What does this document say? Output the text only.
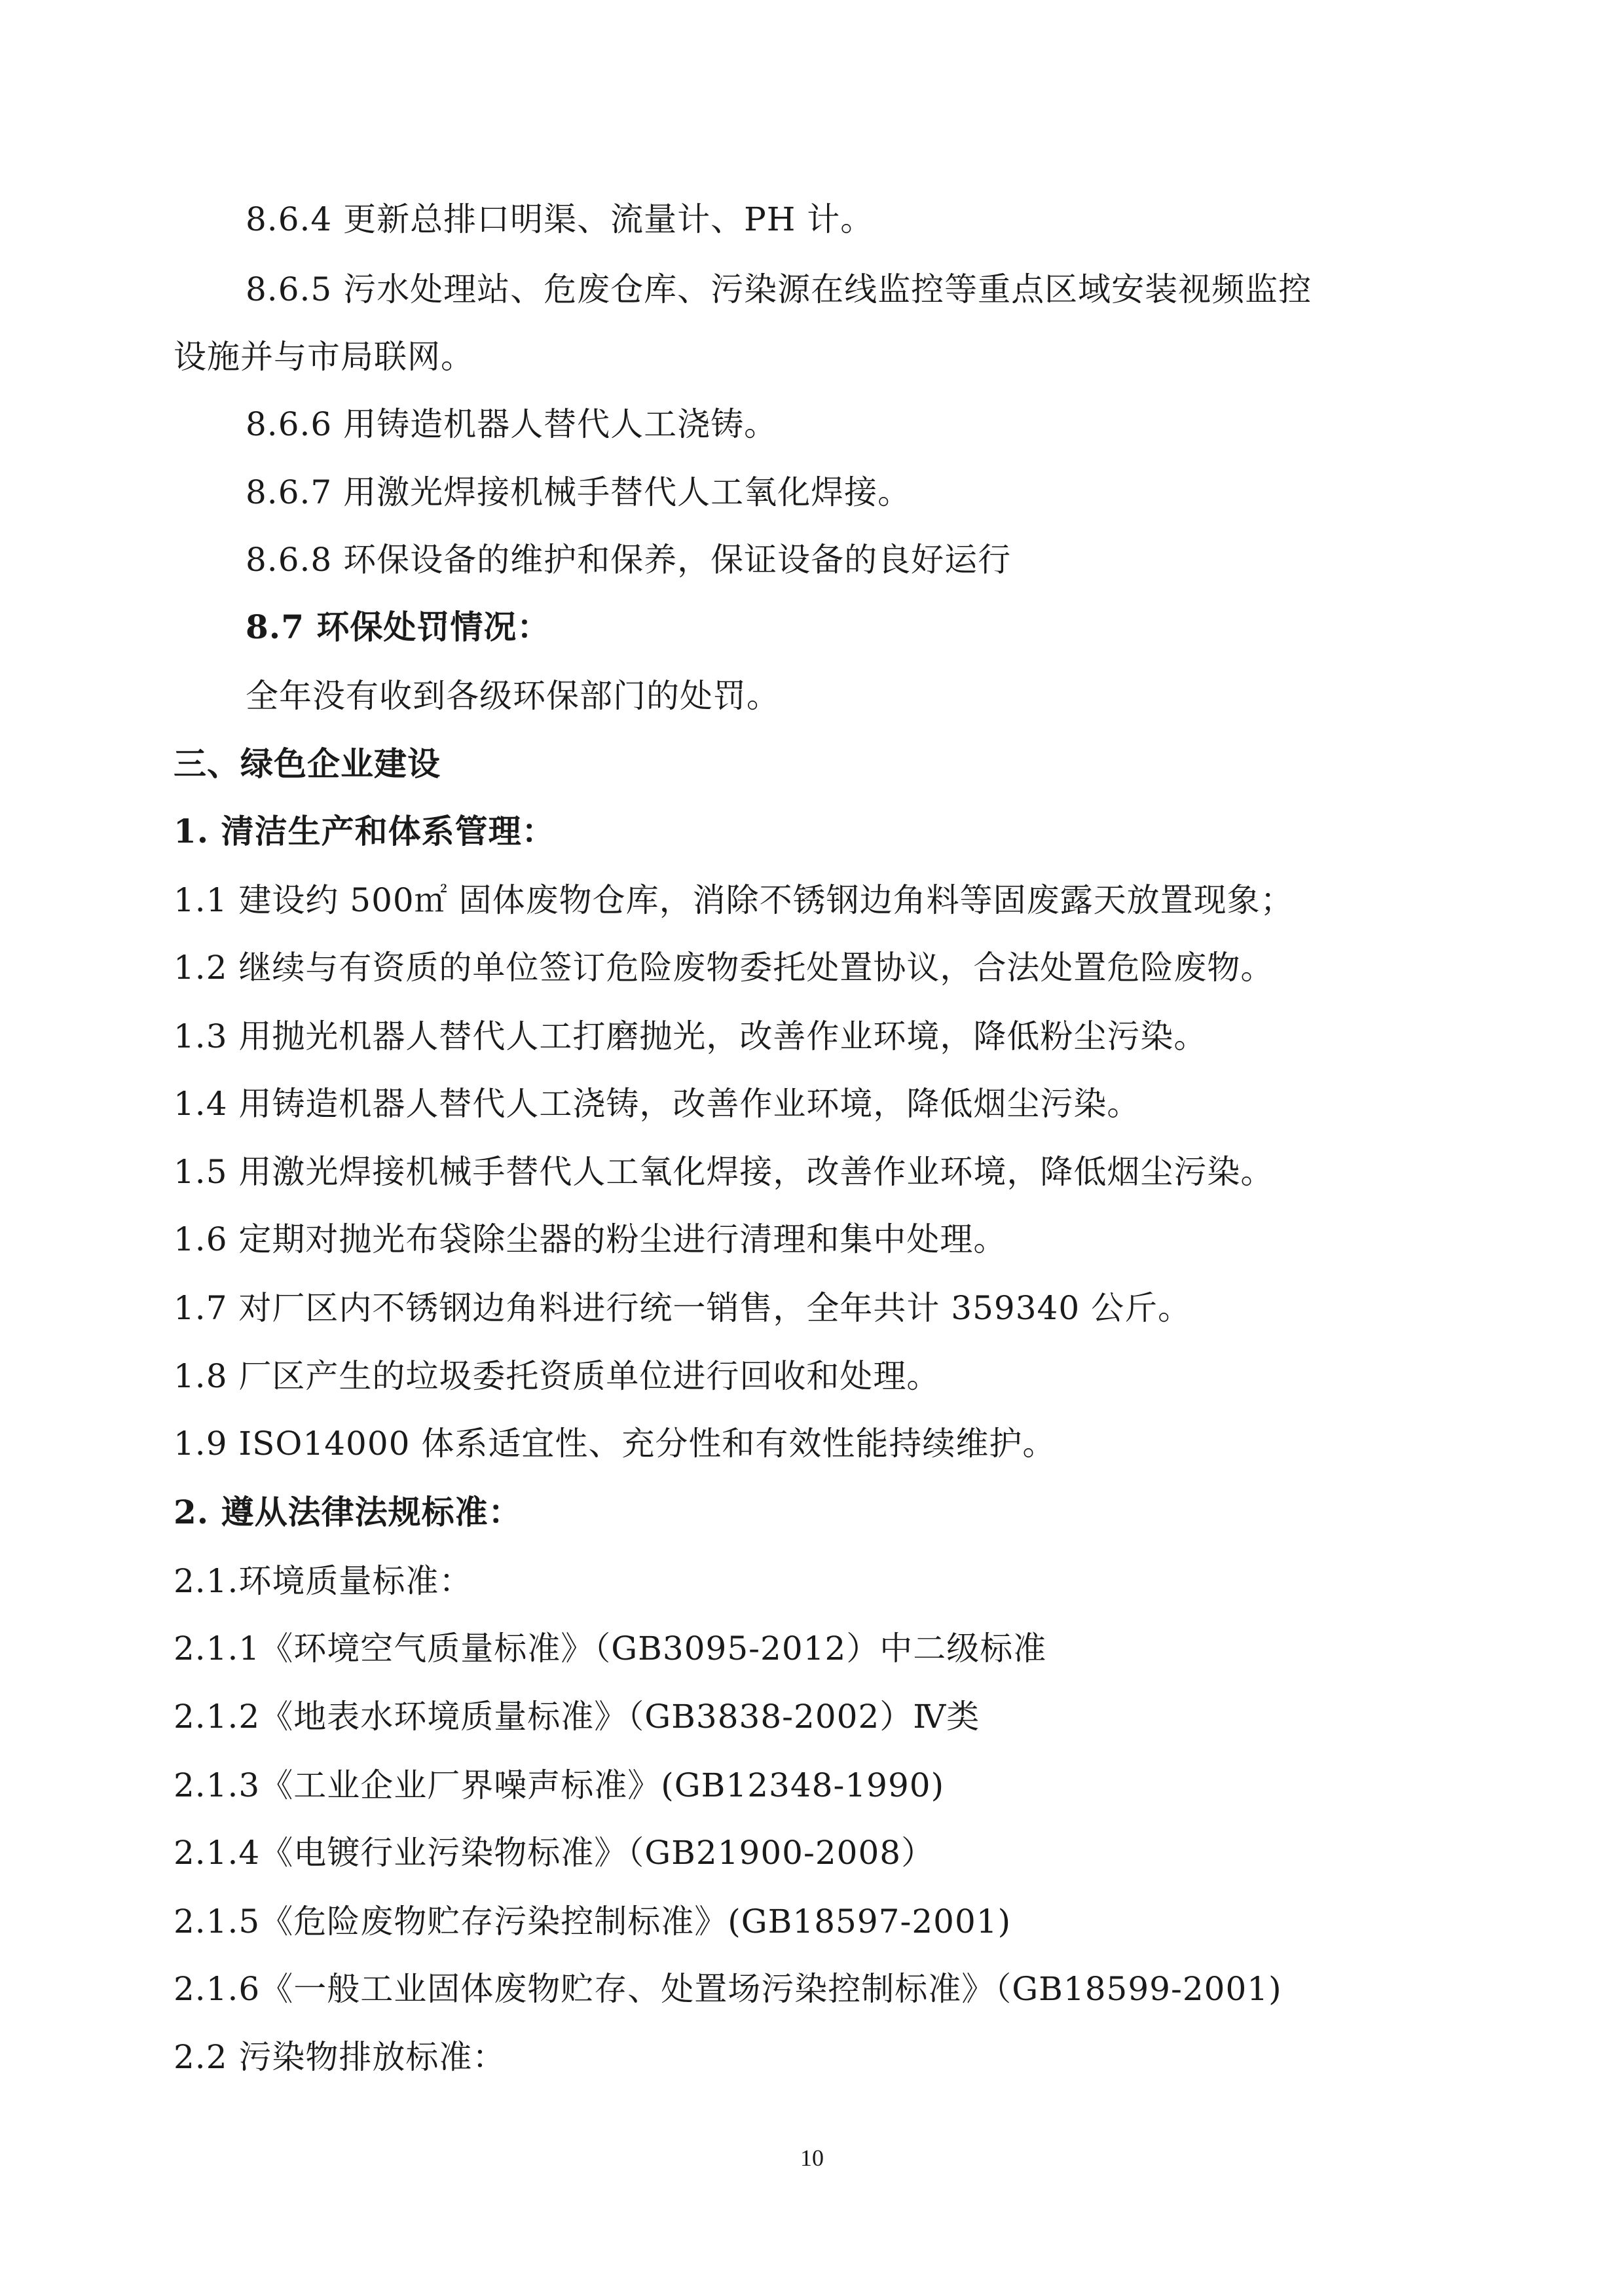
8.6.4 更新总排口明渠、流量计、PH 计。
8.6.5 污水处理站、危废仓库、污染源在线监控等重点区域安装视频监控
设施并与市局联网。
8.6.6 用铸造机器人替代人工浇铸。
8.6.7 用激光焊接机械手替代人工氧化焊接。
8.6.8 环保设备的维护和保养，保证设备的良好运行
8.7 环保处罚情况：
全年没有收到各级环保部门的处罚。
三、绿色企业建设
1. 清洁生产和体系管理：
1.1 建设约 500㎡ 固体废物仓库，消除不锈钢边角料等固废露天放置现象；
1.2 继续与有资质的单位签订危险废物委托处置协议，合法处置危险废物。
1.3 用抛光机器人替代人工打磨抛光，改善作业环境，降低粉尘污染。
1.4 用铸造机器人替代人工浇铸，改善作业环境，降低烟尘污染。
1.5 用激光焊接机械手替代人工氧化焊接，改善作业环境，降低烟尘污染。
1.6 定期对抛光布袋除尘器的粉尘进行清理和集中处理。
1.7 对厂区内不锈钢边角料进行统一销售，全年共计 359340 公斤。
1.8 厂区产生的垃圾委托资质单位进行回收和处理。
1.9 ISO14000 体系适宜性、充分性和有效性能持续维护。
2. 遵从法律法规标准：
2.1.环境质量标准：
2.1.1《环境空气质量标准》（GB3095-2012）中二级标准
2.1.2《地表水环境质量标准》（GB3838-2002）Ⅳ类
2.1.3《工业企业厂界噪声标准》(GB12348-1990)
2.1.4《电镀行业污染物标准》（GB21900-2008）
2.1.5《危险废物贮存污染控制标准》(GB18597-2001)
2.1.6《一般工业固体废物贮存、处置场污染控制标准》（GB18599-2001)
2.2 污染物排放标准：
10
